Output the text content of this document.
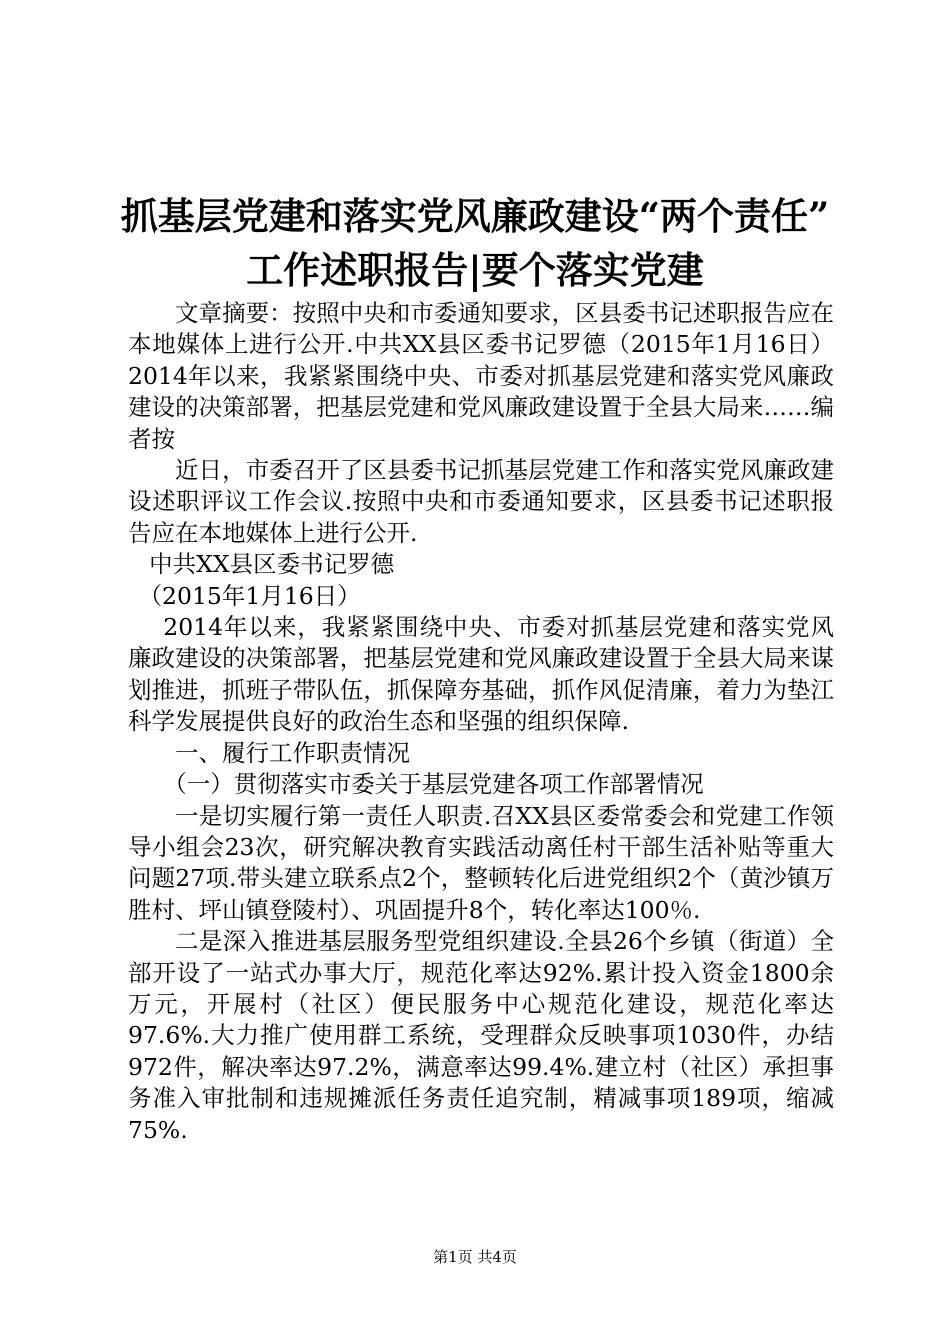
抓基层党建和落实党风廉政建设“两个责任”
工作述职报告|要个落实党建

文章摘要：按照中央和市委通知要求，区县委书记述职报告应在本地媒体上进行公开.中共XX县区委书记罗德（2015年1月16日）2014年以来，我紧紧围绕中央、市委对抓基层党建和落实党风廉政建设的决策部署，把基层党建和党风廉政建设置于全县大局来……编者按

近日，市委召开了区县委书记抓基层党建工作和落实党风廉政建设述职评议工作会议.按照中央和市委通知要求，区县委书记述职报告应在本地媒体上进行公开.

中共XX县区委书记罗德

（2015年1月16日）

2014年以来，我紧紧围绕中央、市委对抓基层党建和落实党风廉政建设的决策部署，把基层党建和党风廉政建设置于全县大局来谋划推进，抓班子带队伍，抓保障夯基础，抓作风促清廉，着力为垫江科学发展提供良好的政治生态和坚强的组织保障.

一、履行工作职责情况

（一）贯彻落实市委关于基层党建各项工作部署情况

一是切实履行第一责任人职责.召XX县区委常委会和党建工作领导小组会23次，研究解决教育实践活动离任村干部生活补贴等重大问题27项.带头建立联系点2个，整顿转化后进党组织2个（黄沙镇万胜村、坪山镇登陵村）、巩固提升8个，转化率达100％.

二是深入推进基层服务型党组织建设.全县26个乡镇（街道）全部开设了一站式办事大厅，规范化率达92%.累计投入资金1800余万元，开展村（社区）便民服务中心规范化建设，规范化率达97.6%.大力推广使用群工系统，受理群众反映事项1030件，办结972件，解决率达97.2%，满意率达99.4%.建立村（社区）承担事务准入审批制和违规摊派任务责任追究制，精减事项189项，缩减75%.

第1页 共4页
